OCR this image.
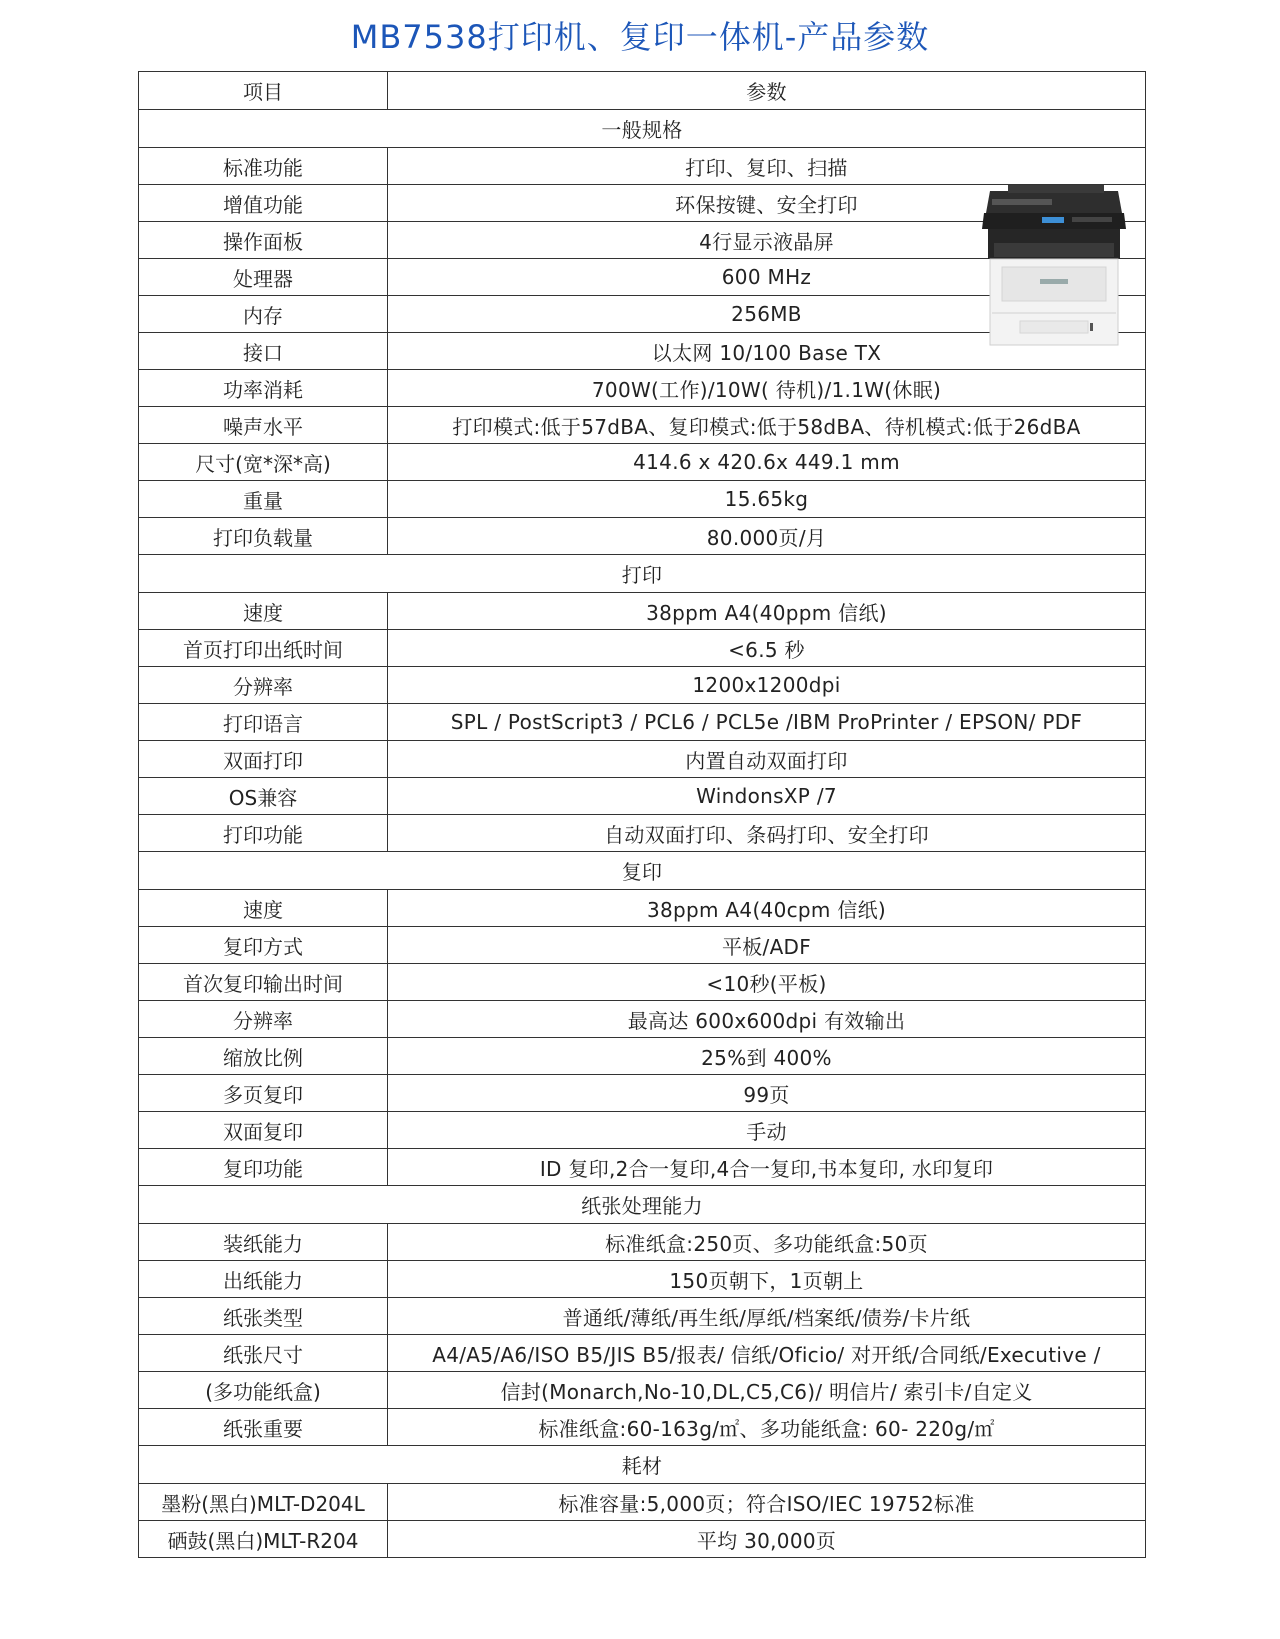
MB7538打印机、复印一体机-产品参数
项目	参数
一般规格
标准功能	打印、复印、扫描
增值功能	环保按键、安全打印
操作面板	4行显示液晶屏
处理器	600 MHz
内存	256MB
接口	以太网 10/100 Base TX
功率消耗	700W(工作)/10W( 待机)/1.1W(休眠)
噪声水平	打印模式:低于57dBA、复印模式:低于58dBA、待机模式:低于26dBA
尺寸(宽*深*高)	414.6 x 420.6x 449.1 mm
重量	15.65kg
打印负载量	80.000页/月
打印
速度	38ppm A4(40ppm 信纸)
首页打印出纸时间	<6.5 秒
分辨率	1200x1200dpi
打印语言	SPL / PostScript3 / PCL6 / PCL5e /IBM ProPrinter / EPSON/ PDF
双面打印	内置自动双面打印
OS兼容	WindonsXP /7
打印功能	自动双面打印、条码打印、安全打印
复印
速度	38ppm A4(40cpm 信纸)
复印方式	平板/ADF
首次复印输出时间	<10秒(平板)
分辨率	最高达 600x600dpi 有效输出
缩放比例	25%到 400%
多页复印	99页
双面复印	手动
复印功能	ID 复印,2合一复印,4合一复印,书本复印, 水印复印
纸张处理能力
装纸能力	标准纸盒:250页、多功能纸盒:50页
出纸能力	150页朝下，1页朝上
纸张类型	普通纸/薄纸/再生纸/厚纸/档案纸/债券/卡片纸
纸张尺寸	A4/A5/A6/ISO B5/JIS B5/报表/ 信纸/Oficio/ 对开纸/合同纸/Executive /
(多功能纸盒)	信封(Monarch,No-10,DL,C5,C6)/ 明信片/ 索引卡/自定义
纸张重要	标准纸盒:60-163g/㎡、多功能纸盒: 60- 220g/㎡
耗材
墨粉(黑白)MLT-D204L	标准容量:5,000页；符合ISO/IEC 19752标准
硒鼓(黑白)MLT-R204	平均 30,000页
